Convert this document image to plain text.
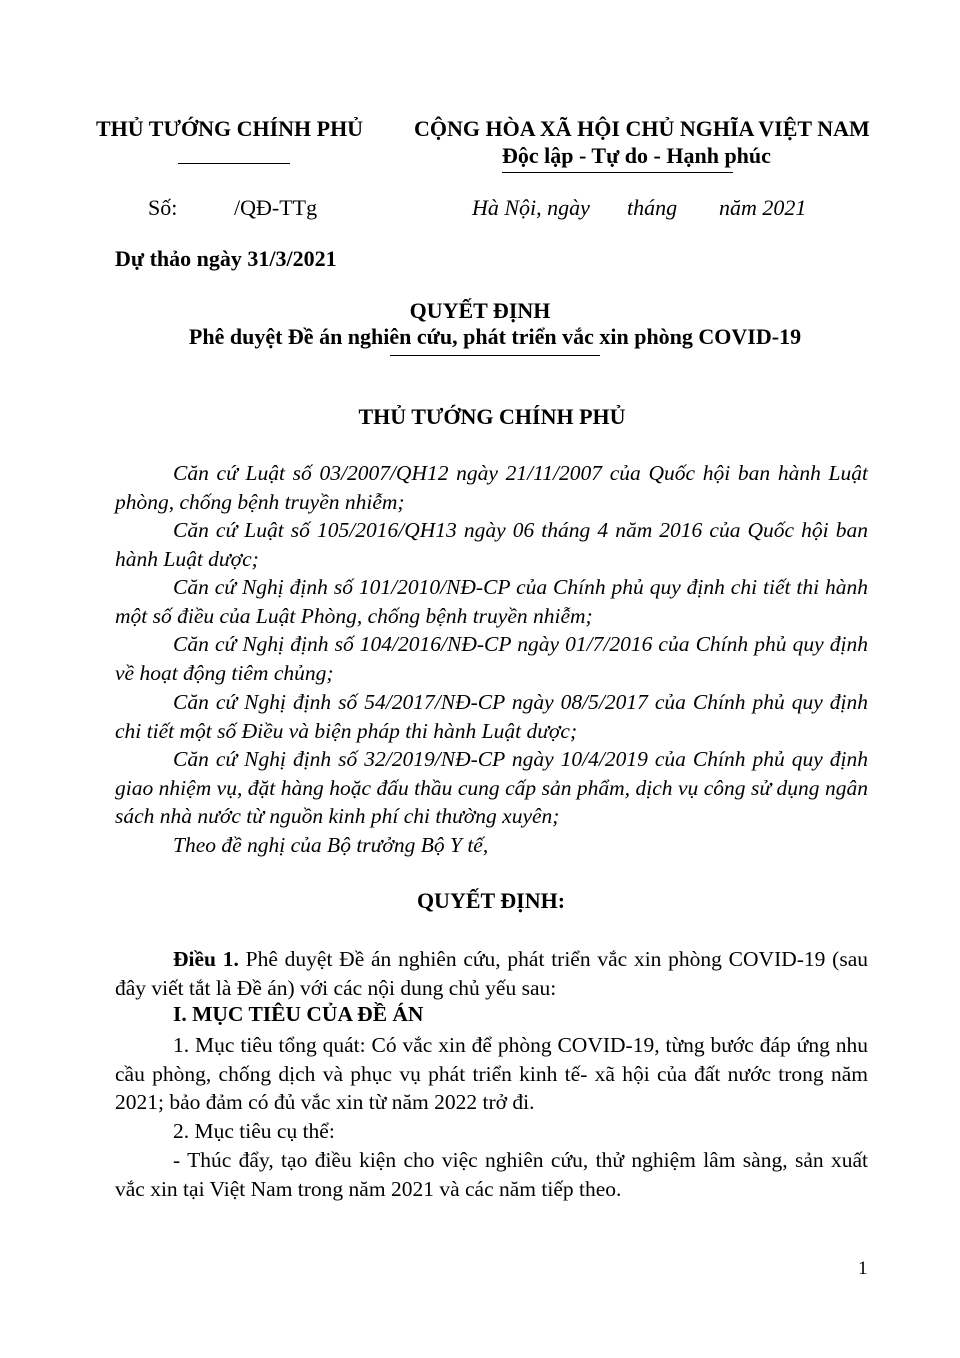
THỦ TƯỚNG CHÍNH PHỦ CỘNG HÒA XÃ HỘI CHỦ NGHĨA VIỆT NAM
Độc lập - Tự do - Hạnh phúc
Số:	/QĐ-TTg	Hà Nội, ngày tháng năm 2021
Dự thảo ngày 31/3/2021
QUYẾT ĐỊNH
Phê duyệt Đề án nghiên cứu, phát triển vắc xin phòng COVID-19
THỦ TƯỚNG CHÍNH PHỦ
Căn cứ Luật số 03/2007/QH12 ngày 21/11/2007 của Quốc hội ban hành Luật phòng, chống bệnh truyền nhiễm;
Căn cứ Luật số 105/2016/QH13 ngày 06 tháng 4 năm 2016 của Quốc hội ban hành Luật dược;
Căn cứ Nghị định số 101/2010/NĐ-CP của Chính phủ quy định chi tiết thi hành một số điều của Luật Phòng, chống bệnh truyền nhiễm;
Căn cứ Nghị định số 104/2016/NĐ-CP ngày 01/7/2016 của Chính phủ quy định về hoạt động tiêm chủng;
Căn cứ Nghị định số 54/2017/NĐ-CP ngày 08/5/2017 của Chính phủ quy định chi tiết một số Điều và biện pháp thi hành Luật dược;
Căn cứ Nghị định số 32/2019/NĐ-CP ngày 10/4/2019 của Chính phủ quy định giao nhiệm vụ, đặt hàng hoặc đấu thầu cung cấp sản phẩm, dịch vụ công sử dụng ngân sách nhà nước từ nguồn kinh phí chi thường xuyên;
Theo đề nghị của Bộ trưởng Bộ Y tế,
QUYẾT ĐỊNH:
Điều 1. Phê duyệt Đề án nghiên cứu, phát triển vắc xin phòng COVID-19 (sau đây viết tắt là Đề án) với các nội dung chủ yếu sau:
I. MỤC TIÊU CỦA ĐỀ ÁN
1. Mục tiêu tổng quát: Có vắc xin để phòng COVID-19, từng bước đáp ứng nhu cầu phòng, chống dịch và phục vụ phát triển kinh tế- xã hội của đất nước trong năm 2021; bảo đảm có đủ vắc xin từ năm 2022 trở đi.
2. Mục tiêu cụ thể:
- Thúc đẩy, tạo điều kiện cho việc nghiên cứu, thử nghiệm lâm sàng, sản xuất vắc xin tại Việt Nam trong năm 2021 và các năm tiếp theo.
1
